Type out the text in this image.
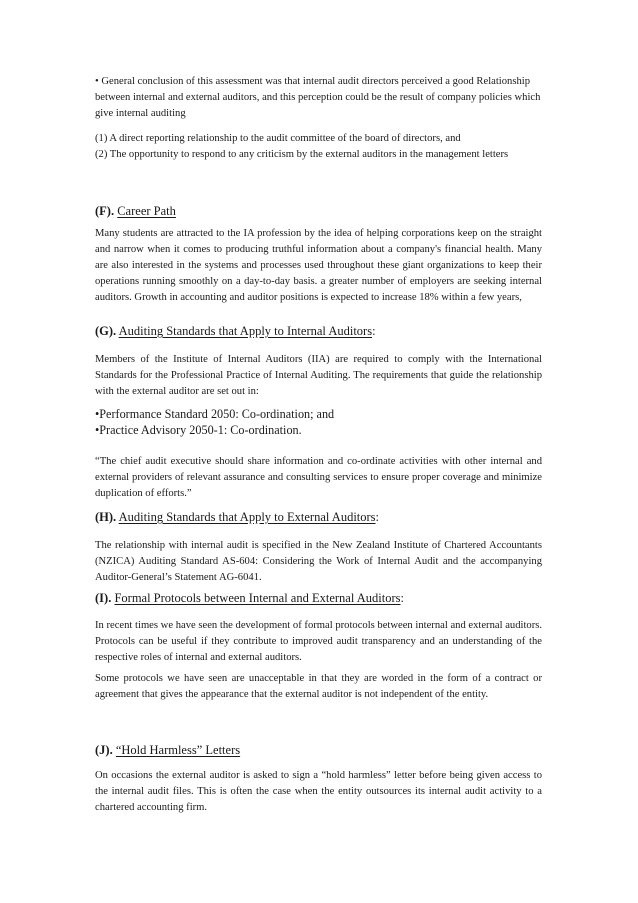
• General conclusion of this assessment was that internal audit directors perceived a good Relationship between internal and external auditors, and this perception could be the result of company policies which give internal auditing

(1) A direct reporting relationship to the audit committee of the board of directors, and

(2) The opportunity to respond to any criticism by the external auditors in the management letters

(F). Career Path

Many students are attracted to the IA profession by the idea of helping corporations keep on the straight and narrow when it comes to producing truthful information about a company's financial health. Many are also interested in the systems and processes used throughout these giant organizations to keep their operations running smoothly on a day-to-day basis. a greater number of employers are seeking internal auditors. Growth in accounting and auditor positions is expected to increase 18% within a few years,

(G). Auditing Standards that Apply to Internal Auditors:

Members of the Institute of Internal Auditors (IIA) are required to comply with the International Standards for the Professional Practice of Internal Auditing. The requirements that guide the relationship with the external auditor are set out in:

•Performance Standard 2050: Co-ordination; and

•Practice Advisory 2050-1: Co-ordination.

“The chief audit executive should share information and co-ordinate activities with other internal and external providers of relevant assurance and consulting services to ensure proper coverage and minimize duplication of efforts.”

(H). Auditing Standards that Apply to External Auditors:

The relationship with internal audit is specified in the New Zealand Institute of Chartered Accountants (NZICA) Auditing Standard AS-604: Considering the Work of Internal Audit and the accompanying Auditor-General’s Statement AG-6041.

(I). Formal Protocols between Internal and External Auditors:

In recent times we have seen the development of formal protocols between internal and external auditors. Protocols can be useful if they contribute to improved audit transparency and an understanding of the respective roles of internal and external auditors.

Some protocols we have seen are unacceptable in that they are worded in the form of a contract or agreement that gives the appearance that the external auditor is not independent of the entity.

(J). “Hold Harmless” Letters

On occasions the external auditor is asked to sign a “hold harmless” letter before being given access to the internal audit files. This is often the case when the entity outsources its internal audit activity to a chartered accounting firm.
